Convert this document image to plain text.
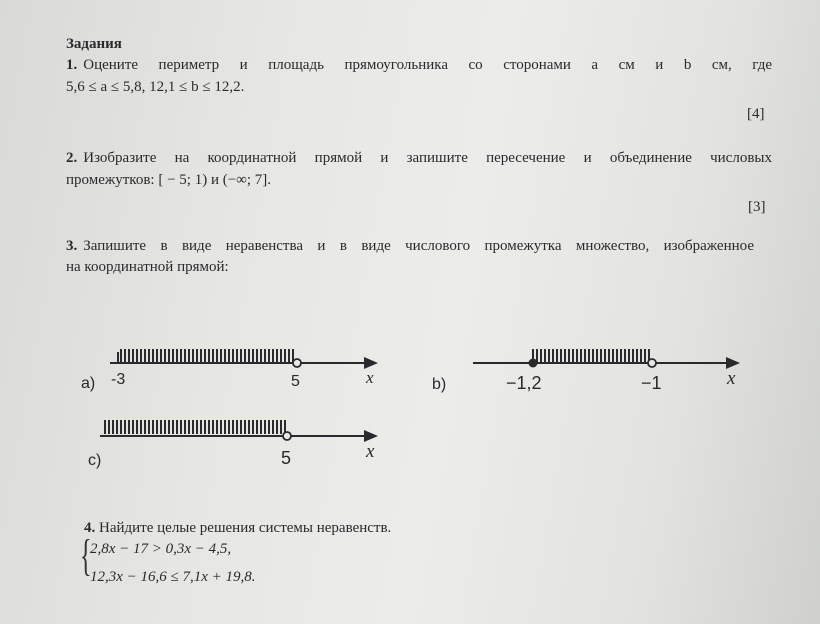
Задания
1. Оцените периметр и площадь прямоугольника со сторонами a см и b см, где
5,6 ≤ a ≤ 5,8, 12,1 ≤ b ≤ 12,2.
[4]
2. Изобразите на координатной прямой и запишите пересечение и объединение числовых
промежутков: [ − 5; 1) и (−∞; 7].
[3]
3. Запишите в виде неравенства и в виде числового промежутка множество, изображенное
на координатной прямой:
а) -3	5	x	b)	−1,2	−1	x
c)	5	x
4. Найдите целые решения системы неравенств.
{
2,8x − 17 > 0,3x − 4,5,
12,3x − 16,6 ≤ 7,1x + 19,8.
